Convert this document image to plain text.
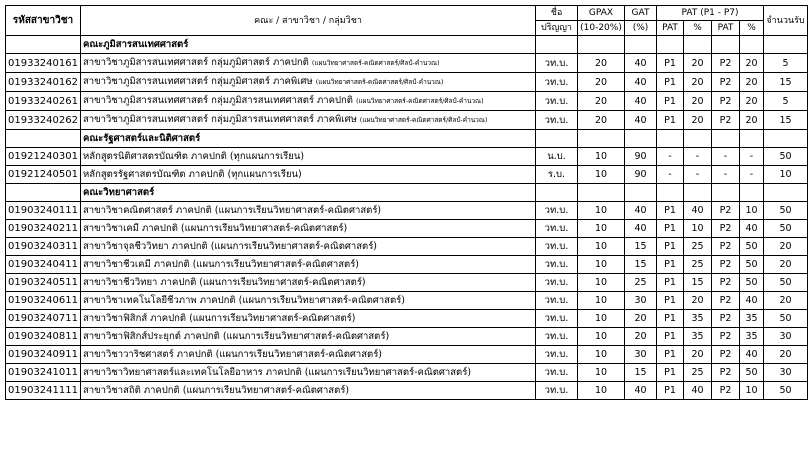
รหัสสาขาวิชา	คณะ / สาขาวิชา / กลุ่มวิชา	ชื่อ	GPAX	GAT	PAT (P1 - P7)				จำนวนรับ
		ปริญญา	(10-20%)	(%)	PAT	%	PAT	%	
	คณะภูมิสารสนเทศศาสตร์								
01933240161	สาขาวิชาภูมิสารสนเทศศาสตร์ กลุ่มภูมิศาสตร์ ภาคปกติ (แผนวิทยาศาสตร์-คณิตศาสตร์/ศิลป์-คำนวณ)	วท.บ.	20	40	P1	20	P2	20	5
01933240162	สาขาวิชาภูมิสารสนเทศศาสตร์ กลุ่มภูมิศาสตร์ ภาคพิเศษ (แผนวิทยาศาสตร์-คณิตศาสตร์/ศิลป์-คำนวณ)	วท.บ.	20	40	P1	20	P2	20	15
01933240261	สาขาวิชาภูมิสารสนเทศศาสตร์ กลุ่มภูมิสารสนเทศศาสตร์ ภาคปกติ (แผนวิทยาศาสตร์-คณิตศาสตร์/ศิลป์-คำนวณ)	วท.บ.	20	40	P1	20	P2	20	5
01933240262	สาขาวิชาภูมิสารสนเทศศาสตร์ กลุ่มภูมิสารสนเทศศาสตร์ ภาคพิเศษ (แผนวิทยาศาสตร์-คณิตศาสตร์/ศิลป์-คำนวณ)	วท.บ.	20	40	P1	20	P2	20	15
	คณะรัฐศาสตร์และนิติศาสตร์								
01921240301	หลักสูตรนิติศาสตรบัณฑิต ภาคปกติ (ทุกแผนการเรียน)	น.บ.	10	90	-	-	-	-	50
01921240501	หลักสูตรรัฐศาสตรบัณฑิต ภาคปกติ (ทุกแผนการเรียน)	ร.บ.	10	90	-	-	-	-	10
	คณะวิทยาศาสตร์								
01903240111	สาขาวิชาคณิตศาสตร์ ภาคปกติ (แผนการเรียนวิทยาศาสตร์-คณิตศาสตร์)	วท.บ.	10	40	P1	40	P2	10	50
01903240211	สาขาวิชาเคมี ภาคปกติ (แผนการเรียนวิทยาศาสตร์-คณิตศาสตร์)	วท.บ.	10	40	P1	10	P2	40	50
01903240311	สาขาวิชาจุลชีววิทยา ภาคปกติ (แผนการเรียนวิทยาศาสตร์-คณิตศาสตร์)	วท.บ.	10	15	P1	25	P2	50	20
01903240411	สาขาวิชาชีวเคมี ภาคปกติ (แผนการเรียนวิทยาศาสตร์-คณิตศาสตร์)	วท.บ.	10	15	P1	25	P2	50	20
01903240511	สาขาวิชาชีววิทยา ภาคปกติ (แผนการเรียนวิทยาศาสตร์-คณิตศาสตร์)	วท.บ.	10	25	P1	15	P2	50	50
01903240611	สาขาวิชาเทคโนโลยีชีวภาพ ภาคปกติ (แผนการเรียนวิทยาศาสตร์-คณิตศาสตร์)	วท.บ.	10	30	P1	20	P2	40	20
01903240711	สาขาวิชาฟิสิกส์ ภาคปกติ (แผนการเรียนวิทยาศาสตร์-คณิตศาสตร์)	วท.บ.	10	20	P1	35	P2	35	50
01903240811	สาขาวิชาฟิสิกส์ประยุกต์ ภาคปกติ (แผนการเรียนวิทยาศาสตร์-คณิตศาสตร์)	วท.บ.	10	20	P1	35	P2	35	30
01903240911	สาขาวิชาวาริชศาสตร์ ภาคปกติ (แผนการเรียนวิทยาศาสตร์-คณิตศาสตร์)	วท.บ.	10	30	P1	20	P2	40	20
01903241011	สาขาวิชาวิทยาศาสตร์และเทคโนโลยีอาหาร ภาคปกติ (แผนการเรียนวิทยาศาสตร์-คณิตศาสตร์)	วท.บ.	10	15	P1	25	P2	50	30
01903241111	สาขาวิชาสถิติ ภาคปกติ (แผนการเรียนวิทยาศาสตร์-คณิตศาสตร์)	วท.บ.	10	40	P1	40	P2	10	50
